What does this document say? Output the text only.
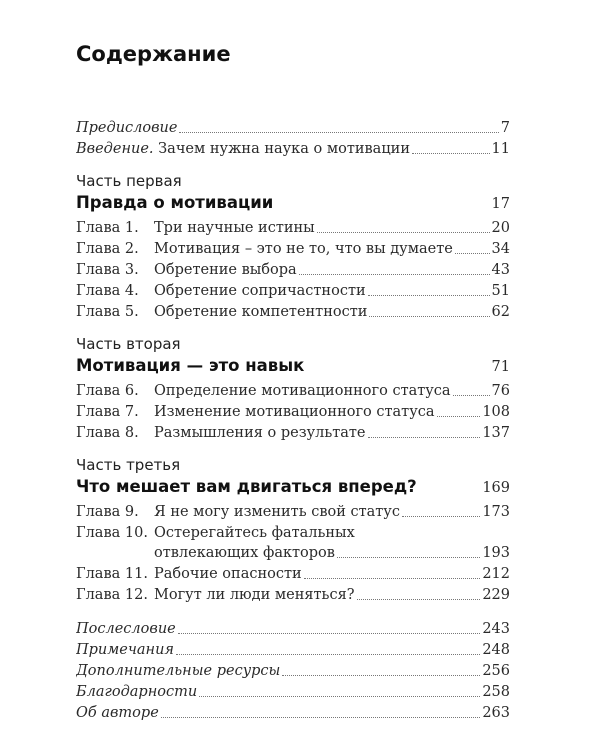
Содержание
Предисловие	7
Введение. Зачем нужна наука о мотивации	11
Часть первая
Правда о мотивации	17
Глава 1.	Три научные истины	20
Глава 2.	Мотивация – это не то, что вы думаете	34
Глава 3.	Обретение выбора	43
Глава 4.	Обретение сопричастности	51
Глава 5.	Обретение компетентности	62
Часть вторая
Мотивация — это навык	71
Глава 6.	Определение мотивационного статуса	76
Глава 7.	Изменение мотивационного статуса	108
Глава 8.	Размышления о результате	137
Часть третья
Что мешает вам двигаться вперед?	169
Глава 9.	Я не могу изменить свой статус	173
Глава 10. Остерегайтесь фатальных
отвлекающих факторов	193
Глава 11. Рабочие опасности	212
Глава 12. Могут ли люди меняться?	229
Послесловие	243
Примечания	248
Дополнительные ресурсы	256
Благодарности	258
Об авторе	263
